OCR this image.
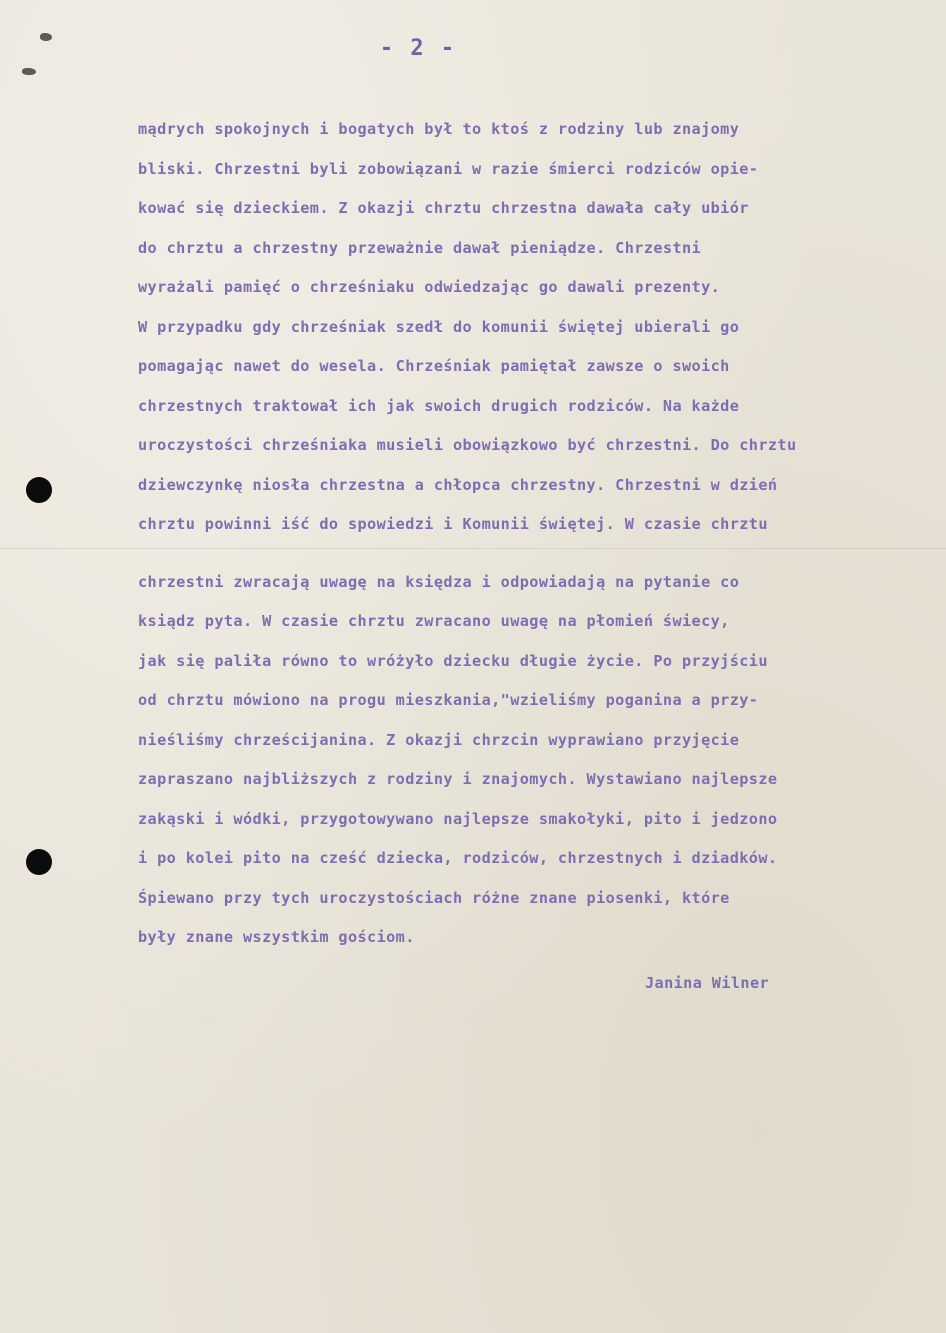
- 2 -
mądrych spokojnych i bogatych był to ktoś z rodziny lub znajomy
bliski. Chrzestni byli zobowiązani w razie śmierci rodziców opie-
kować się dzieckiem. Z okazji chrztu chrzestna dawała cały ubiór
do chrztu a chrzestny przeważnie dawał pieniądze. Chrzestni
wyrażali pamięć o chrześniaku odwiedzając go dawali prezenty.
W przypadku gdy chrześniak szedł do komunii świętej ubierali go
pomagając nawet do wesela. Chrześniak pamiętał zawsze o swoich
chrzestnych traktował ich jak swoich drugich rodziców. Na każde
uroczystości chrześniaka musieli obowiązkowo być chrzestni. Do chrztu
dziewczynkę niosła chrzestna a chłopca chrzestny. Chrzestni w dzień
chrztu powinni iść do spowiedzi i Komunii świętej. W czasie chrztu
chrzestni zwracają uwagę na księdza i odpowiadają na pytanie co
ksiądz pyta. W czasie chrztu zwracano uwagę na płomień świecy,
jak się paliła równo to wróżyło dziecku długie życie. Po przyjściu
od chrztu mówiono na progu mieszkania,"wzieliśmy poganina a przy-
nieśliśmy chrześcijanina. Z okazji chrzcin wyprawiano przyjęcie
zapraszano najbliższych z rodziny i znajomych. Wystawiano najlepsze
zakąski i wódki, przygotowywano najlepsze smakołyki, pito i jedzono
i po kolei pito na cześć dziecka, rodziców, chrzestnych i dziadków.
Śpiewano przy tych uroczystościach różne znane piosenki, które
były znane wszystkim gościom.
Janina Wilner
